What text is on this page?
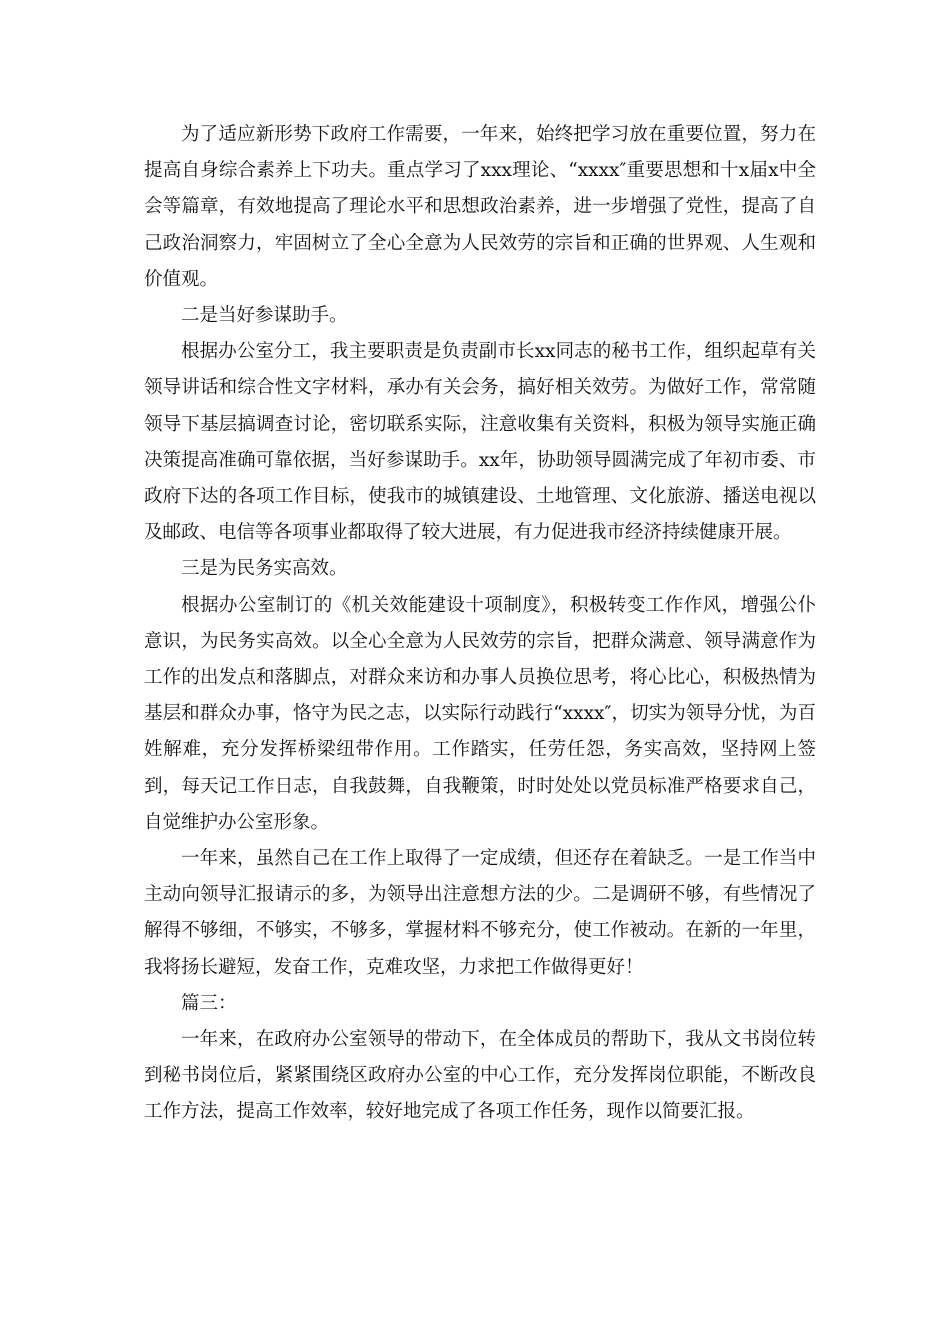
为了适应新形势下政府工作需要，一年来，始终把学习放在重要位置，努力在提高自身综合素养上下功夫。重点学习了xxx理论、“xxxx″重要思想和十x届x中全会等篇章，有效地提高了理论水平和思想政治素养，进一步增强了党性，提高了自己政治洞察力，牢固树立了全心全意为人民效劳的宗旨和正确的世界观、人生观和价值观。

二是当好参谋助手。

根据办公室分工，我主要职责是负责副市长xx同志的秘书工作，组织起草有关领导讲话和综合性文字材料，承办有关会务，搞好相关效劳。为做好工作，常常随领导下基层搞调查讨论，密切联系实际，注意收集有关资料，积极为领导实施正确决策提高准确可靠依据，当好参谋助手。xx年，协助领导圆满完成了年初市委、市政府下达的各项工作目标，使我市的城镇建设、土地管理、文化旅游、播送电视以及邮政、电信等各项事业都取得了较大进展，有力促进我市经济持续健康开展。

三是为民务实高效。

根据办公室制订的《机关效能建设十项制度》，积极转变工作作风，增强公仆意识，为民务实高效。以全心全意为人民效劳的宗旨，把群众满意、领导满意作为工作的出发点和落脚点，对群众来访和办事人员换位思考，将心比心，积极热情为基层和群众办事，恪守为民之志，以实际行动践行“xxxx″，切实为领导分忧，为百姓解难，充分发挥桥梁纽带作用。工作踏实，任劳任怨，务实高效，坚持网上签到，每天记工作日志，自我鼓舞，自我鞭策，时时处处以党员标准严格要求自己，自觉维护办公室形象。

一年来，虽然自己在工作上取得了一定成绩，但还存在着缺乏。一是工作当中主动向领导汇报请示的多，为领导出注意想方法的少。二是调研不够，有些情况了解得不够细，不够实，不够多，掌握材料不够充分，使工作被动。在新的一年里，我将扬长避短，发奋工作，克难攻坚，力求把工作做得更好！

篇三：

一年来，在政府办公室领导的带动下，在全体成员的帮助下，我从文书岗位转到秘书岗位后，紧紧围绕区政府办公室的中心工作，充分发挥岗位职能，不断改良工作方法，提高工作效率，较好地完成了各项工作任务，现作以简要汇报。
